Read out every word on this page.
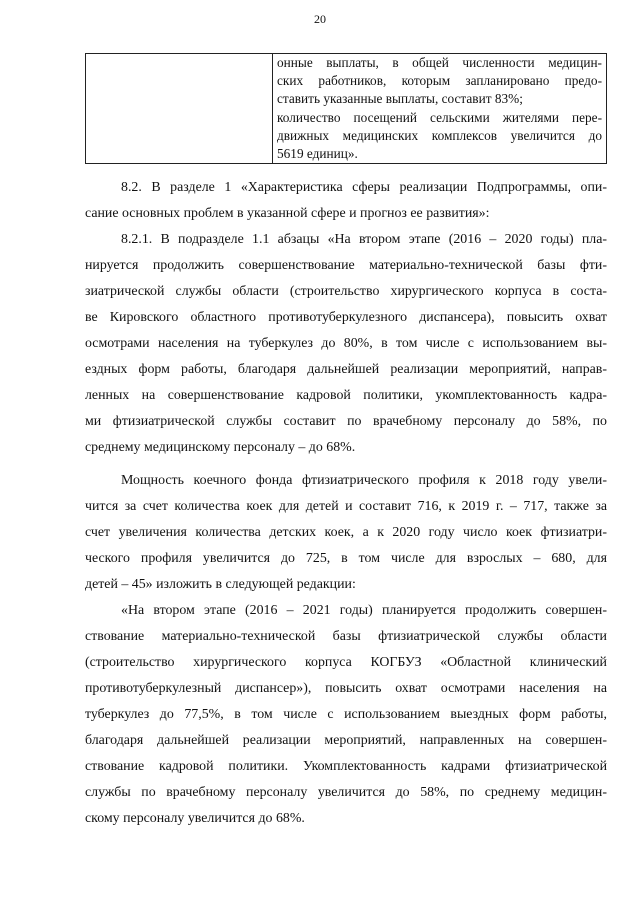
20

онные выплаты, в общей численности медицин-
ских работников, которым запланировано предо-
ставить указанные выплаты, составит 83%;
количество посещений сельскими жителями пере-
движных медицинских комплексов увеличится до
5619 единиц».
8.2. В разделе 1 «Характеристика сферы реализации Подпрограммы, опи-
сание основных проблем в указанной сфере и прогноз ее развития»:
8.2.1. В подразделе 1.1 абзацы «На втором этапе (2016 – 2020 годы) пла-
нируется продолжить совершенствование материально-технической базы фти-
зиатрической службы области (строительство хирургического корпуса в соста-
ве Кировского областного противотуберкулезного диспансера), повысить охват
осмотрами населения на туберкулез до 80%, в том числе с использованием вы-
ездных форм работы, благодаря дальнейшей реализации мероприятий, направ-
ленных на совершенствование кадровой политики, укомплектованность кадра-
ми фтизиатрической службы составит по врачебному персоналу до 58%, по
среднему медицинскому персоналу – до 68%.
Мощность коечного фонда фтизиатрического профиля к 2018 году увели-
чится за счет количества коек для детей и составит 716, к 2019 г. – 717, также за
счет увеличения количества детских коек, а к 2020 году число коек фтизиатри-
ческого профиля увеличится до 725, в том числе для взрослых – 680, для
детей – 45» изложить в следующей редакции:
«На втором этапе (2016 – 2021 годы) планируется продолжить совершен-
ствование материально-технической базы фтизиатрической службы области
(строительство хирургического корпуса КОГБУЗ «Областной клинический
противотуберкулезный диспансер»), повысить охват осмотрами населения на
туберкулез до 77,5%, в том числе с использованием выездных форм работы,
благодаря дальнейшей реализации мероприятий, направленных на совершен-
ствование кадровой политики. Укомплектованность кадрами фтизиатрической
службы по врачебному персоналу увеличится до 58%, по среднему медицин-
скому персоналу увеличится до 68%.
